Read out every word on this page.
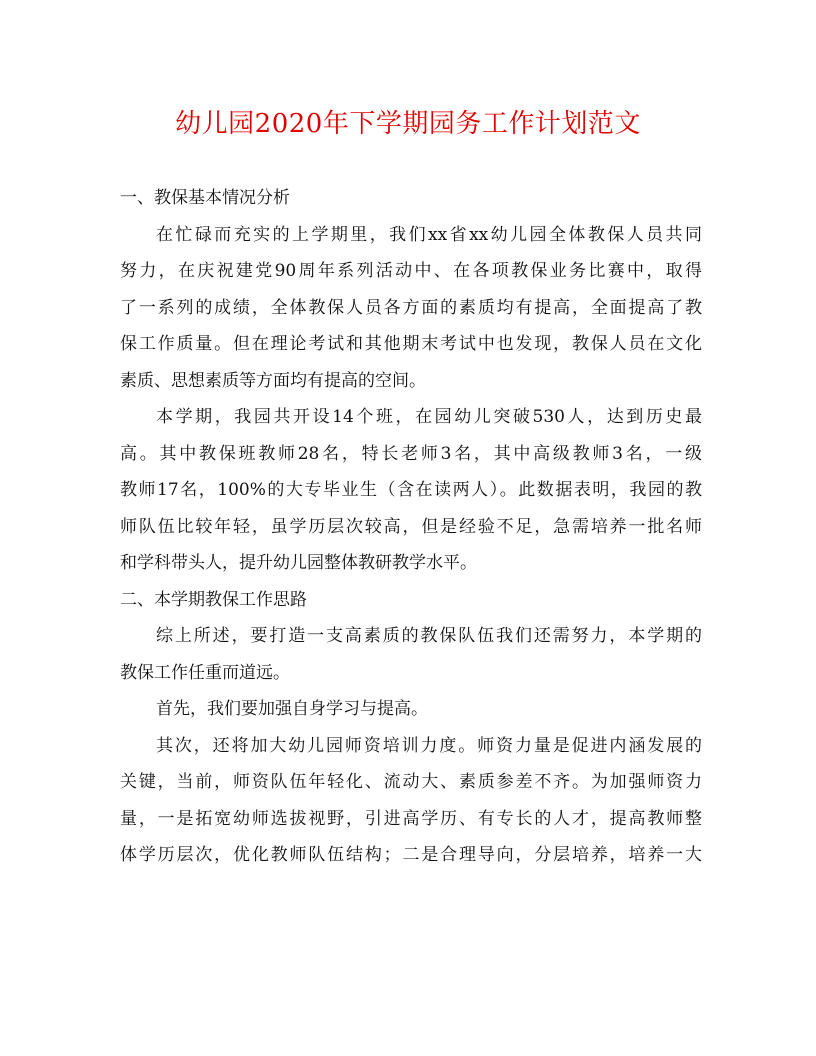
幼儿园2020年下学期园务工作计划范文
一、教保基本情况分析
在忙碌而充实的上学期里，我们xx省xx幼儿园全体教保人员共同
努力，在庆祝建党90周年系列活动中、在各项教保业务比赛中，取得
了一系列的成绩，全体教保人员各方面的素质均有提高，全面提高了教
保工作质量。但在理论考试和其他期末考试中也发现，教保人员在文化
素质、思想素质等方面均有提高的空间。
本学期，我园共开设14个班，在园幼儿突破530人，达到历史最
高。其中教保班教师28名，特长老师3名，其中高级教师3名，一级
教师17名，100%的大专毕业生（含在读两人）。此数据表明，我园的教
师队伍比较年轻，虽学历层次较高，但是经验不足，急需培养一批名师
和学科带头人，提升幼儿园整体教研教学水平。
二、本学期教保工作思路
综上所述，要打造一支高素质的教保队伍我们还需努力，本学期的
教保工作任重而道远。
首先，我们要加强自身学习与提高。
其次，还将加大幼儿园师资培训力度。师资力量是促进内涵发展的
关键，当前，师资队伍年轻化、流动大、素质参差不齐。为加强师资力
量，一是拓宽幼师选拔视野，引进高学历、有专长的人才，提高教师整
体学历层次，优化教师队伍结构；二是合理导向，分层培养，培养一大
